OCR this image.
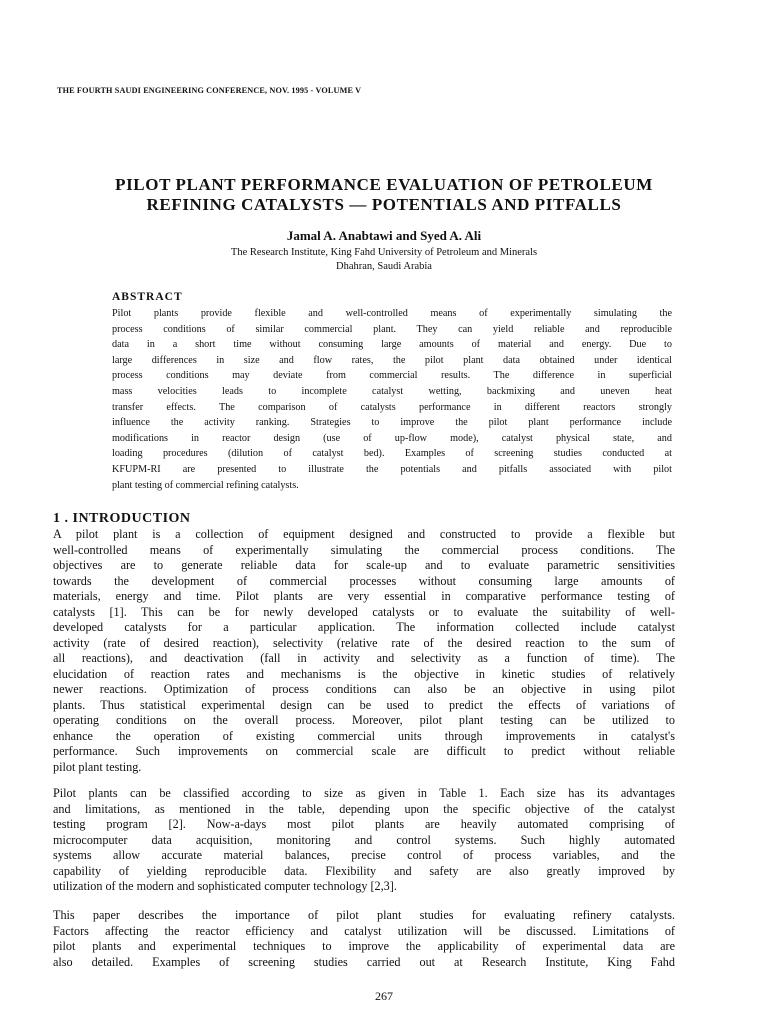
THE FOURTH SAUDI ENGINEERING CONFERENCE, NOV. 1995 - VOLUME V
PILOT PLANT PERFORMANCE EVALUATION OF PETROLEUM
REFINING CATALYSTS — POTENTIALS AND PITFALLS
Jamal A. Anabtawi and Syed A. Ali
The Research Institute, King Fahd University of Petroleum and Minerals
Dhahran, Saudi Arabia
ABSTRACT
Pilot plants provide flexible and well-controlled means of experimentally simulating the
process conditions of similar commercial plant. They can yield reliable and reproducible
data in a short time without consuming large amounts of material and energy. Due to
large differences in size and flow rates, the pilot plant data obtained under identical
process conditions may deviate from commercial results. The difference in superficial
mass velocities leads to incomplete catalyst wetting, backmixing and uneven heat
transfer effects. The comparison of catalysts performance in different reactors strongly
influence the activity ranking. Strategies to improve the pilot plant performance include
modifications in reactor design (use of up-flow mode), catalyst physical state, and
loading procedures (dilution of catalyst bed). Examples of screening studies conducted at
KFUPM-RI are presented to illustrate the potentials and pitfalls associated with pilot
plant testing of commercial refining catalysts.
1 . INTRODUCTION
A pilot plant is a collection of equipment designed and constructed to provide a flexible but
well-controlled means of experimentally simulating the commercial process conditions. The
objectives are to generate reliable data for scale-up and to evaluate parametric sensitivities
towards the development of commercial processes without consuming large amounts of
materials, energy and time. Pilot plants are very essential in comparative performance testing of
catalysts [1]. This can be for newly developed catalysts or to evaluate the suitability of well-
developed catalysts for a particular application. The information collected include catalyst
activity (rate of desired reaction), selectivity (relative rate of the desired reaction to the sum of
all reactions), and deactivation (fall in activity and selectivity as a function of time). The
elucidation of reaction rates and mechanisms is the objective in kinetic studies of relatively
newer reactions. Optimization of process conditions can also be an objective in using pilot
plants. Thus statistical experimental design can be used to predict the effects of variations of
operating conditions on the overall process. Moreover, pilot plant testing can be utilized to
enhance the operation of existing commercial units through improvements in catalyst's
performance. Such improvements on commercial scale are difficult to predict without reliable
pilot plant testing.
Pilot plants can be classified according to size as given in Table 1. Each size has its advantages
and limitations, as mentioned in the table, depending upon the specific objective of the catalyst
testing program [2]. Now-a-days most pilot plants are heavily automated comprising of
microcomputer data acquisition, monitoring and control systems. Such highly automated
systems allow accurate material balances, precise control of process variables, and the
capability of yielding reproducible data. Flexibility and safety are also greatly improved by
utilization of the modern and sophisticated computer technology [2,3].
This paper describes the importance of pilot plant studies for evaluating refinery catalysts.
Factors affecting the reactor efficiency and catalyst utilization will be discussed. Limitations of
pilot plants and experimental techniques to improve the applicability of experimental data are
also detailed. Examples of screening studies carried out at Research Institute, King Fahd
267
